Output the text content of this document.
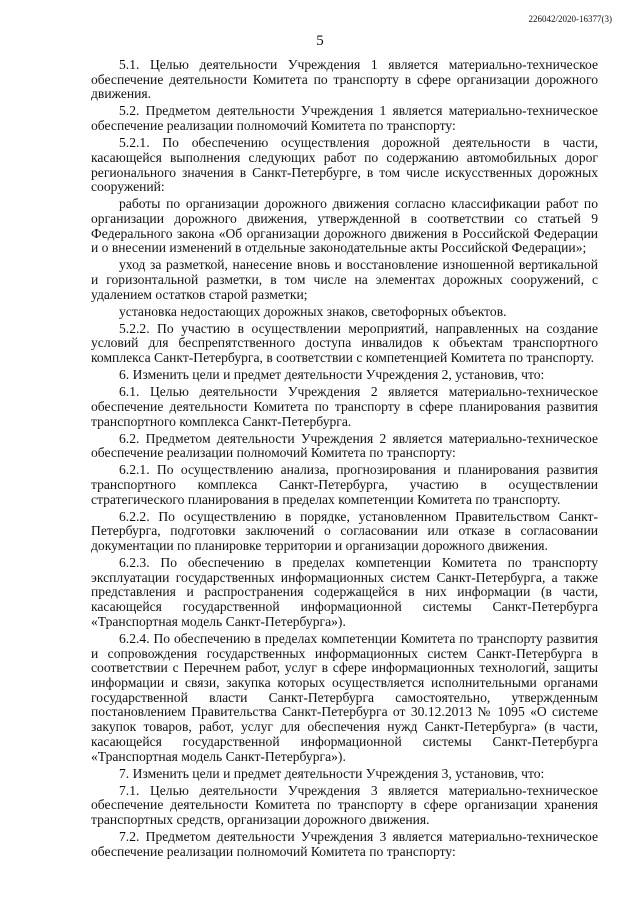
226042/2020-16377(3)
5

5.1. Целью деятельности Учреждения 1 является материально-техническое обеспечение деятельности Комитета по транспорту в сфере организации дорожного движения.

5.2. Предметом деятельности Учреждения 1 является материально-техническое обеспечение реализации полномочий Комитета по транспорту:

5.2.1. По обеспечению осуществления дорожной деятельности в части, касающейся выполнения следующих работ по содержанию автомобильных дорог регионального значения в Санкт-Петербурге, в том числе искусственных дорожных сооружений:

работы по организации дорожного движения согласно классификации работ по организации дорожного движения, утвержденной в соответствии со статьей 9 Федерального закона «Об организации дорожного движения в Российской Федерации и о внесении изменений в отдельные законодательные акты Российской Федерации»;

уход за разметкой, нанесение вновь и восстановление изношенной вертикальной и горизонтальной разметки, в том числе на элементах дорожных сооружений, с удалением остатков старой разметки;

установка недостающих дорожных знаков, светофорных объектов.

5.2.2. По участию в осуществлении мероприятий, направленных на создание условий для беспрепятственного доступа инвалидов к объектам транспортного комплекса Санкт-Петербурга, в соответствии с компетенцией Комитета по транспорту.

6. Изменить цели и предмет деятельности Учреждения 2, установив, что:

6.1. Целью деятельности Учреждения 2 является материально-техническое обеспечение деятельности Комитета по транспорту в сфере планирования развития транспортного комплекса Санкт-Петербурга.

6.2. Предметом деятельности Учреждения 2 является материально-техническое обеспечение реализации полномочий Комитета по транспорту:

6.2.1. По осуществлению анализа, прогнозирования и планирования развития транспортного комплекса Санкт-Петербурга, участию в осуществлении стратегического планирования в пределах компетенции Комитета по транспорту.

6.2.2. По осуществлению в порядке, установленном Правительством Санкт-Петербурга, подготовки заключений о согласовании или отказе в согласовании документации по планировке территории и организации дорожного движения.

6.2.3. По обеспечению в пределах компетенции Комитета по транспорту эксплуатации государственных информационных систем Санкт-Петербурга, а также представления и распространения содержащейся в них информации (в части, касающейся государственной информационной системы Санкт-Петербурга «Транспортная модель Санкт-Петербурга»).

6.2.4. По обеспечению в пределах компетенции Комитета по транспорту развития и сопровождения государственных информационных систем Санкт-Петербурга в соответствии с Перечнем работ, услуг в сфере информационных технологий, защиты информации и связи, закупка которых осуществляется исполнительными органами государственной власти Санкт-Петербурга самостоятельно, утвержденным постановлением Правительства Санкт-Петербурга от 30.12.2013 № 1095 «О системе закупок товаров, работ, услуг для обеспечения нужд Санкт-Петербурга» (в части, касающейся государственной информационной системы Санкт-Петербурга «Транспортная модель Санкт-Петербурга»).

7. Изменить цели и предмет деятельности Учреждения 3, установив, что:

7.1. Целью деятельности Учреждения 3 является материально-техническое обеспечение деятельности Комитета по транспорту в сфере организации хранения транспортных средств, организации дорожного движения.

7.2. Предметом деятельности Учреждения 3 является материально-техническое обеспечение реализации полномочий Комитета по транспорту:
